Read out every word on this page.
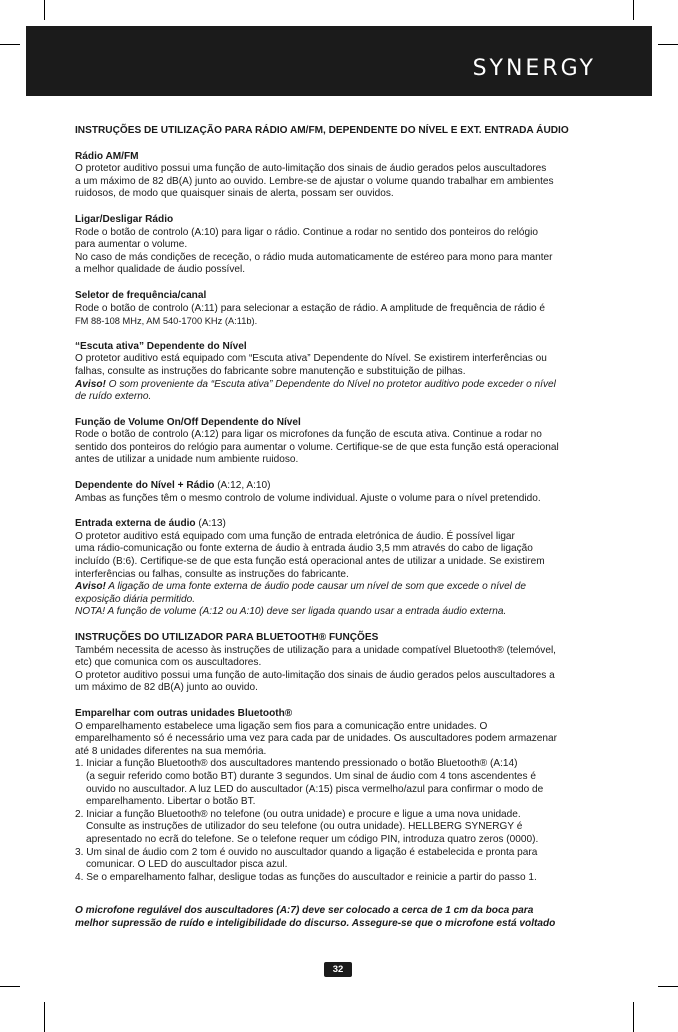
SYNERGY
INSTRUÇÕES DE UTILIZAÇÃO PARA RÁDIO AM/FM, DEPENDENTE DO NÍVEL E EXT. ENTRADA ÁUDIO

Rádio AM/FM
O protetor auditivo possui uma função de auto-limitação dos sinais de áudio gerados pelos auscultadores
a um máximo de 82 dB(A) junto ao ouvido. Lembre-se de ajustar o volume quando trabalhar em ambientes
ruidosos, de modo que quaisquer sinais de alerta, possam ser ouvidos.

Ligar/Desligar Rádio
Rode o botão de controlo (A:10) para ligar o rádio. Continue a rodar no sentido dos ponteiros do relógio
para aumentar o volume.
No caso de más condições de receção, o rádio muda automaticamente de estéreo para mono para manter
a melhor qualidade de áudio possível.

Seletor de frequência/canal
Rode o botão de controlo (A:11) para selecionar a estação de rádio. A amplitude de frequência de rádio é
FM 88-108 MHz, AM 540-1700 KHz (A:11b).

“Escuta ativa” Dependente do Nível
O protetor auditivo está equipado com “Escuta ativa” Dependente do Nível. Se existirem interferências ou
falhas, consulte as instruções do fabricante sobre manutenção e substituição de pilhas.
Aviso! O som proveniente da “Escuta ativa” Dependente do Nível no protetor auditivo pode exceder o nível
de ruído externo.

Função de Volume On/Off Dependente do Nível
Rode o botão de controlo (A:12) para ligar os microfones da função de escuta ativa. Continue a rodar no
sentido dos ponteiros do relógio para aumentar o volume. Certifique-se de que esta função está operacional
antes de utilizar a unidade num ambiente ruidoso.

Dependente do Nível + Rádio (A:12, A:10)
Ambas as funções têm o mesmo controlo de volume individual. Ajuste o volume para o nível pretendido.

Entrada externa de áudio (A:13)
O protetor auditivo está equipado com uma função de entrada eletrónica de áudio. É possível ligar
uma rádio-comunicação ou fonte externa de áudio à entrada áudio 3,5 mm através do cabo de ligação
incluído (B:6). Certifique-se de que esta função está operacional antes de utilizar a unidade. Se existirem
interferências ou falhas, consulte as instruções do fabricante.
Aviso! A ligação de uma fonte externa de áudio pode causar um nível de som que excede o nível de
exposição diária permitido.
NOTA! A função de volume (A:12 ou A:10) deve ser ligada quando usar a entrada áudio externa.

INSTRUÇÕES DO UTILIZADOR PARA BLUETOOTH® FUNÇÕES
Também necessita de acesso às instruções de utilização para a unidade compatível Bluetooth® (telemóvel,
etc) que comunica com os auscultadores.
O protetor auditivo possui uma função de auto-limitação dos sinais de áudio gerados pelos auscultadores a
um máximo de 82 dB(A) junto ao ouvido.

Emparelhar com outras unidades Bluetooth®
O emparelhamento estabelece uma ligação sem fios para a comunicação entre unidades. O
emparelhamento só é necessário uma vez para cada par de unidades. Os auscultadores podem armazenar
até 8 unidades diferentes na sua memória.
1. Iniciar a função Bluetooth® dos auscultadores mantendo pressionado o botão Bluetooth® (A:14)
(a seguir referido como botão BT) durante 3 segundos. Um sinal de áudio com 4 tons ascendentes é
ouvido no auscultador. A luz LED do auscultador (A:15) pisca vermelho/azul para confirmar o modo de
emparelhamento. Libertar o botão BT.
2. Iniciar a função Bluetooth® no telefone (ou outra unidade) e procure e ligue a uma nova unidade.
Consulte as instruções de utilizador do seu telefone (ou outra unidade). HELLBERG SYNERGY é
apresentado no ecrã do telefone. Se o telefone requer um código PIN, introduza quatro zeros (0000).
3. Um sinal de áudio com 2 tom é ouvido no auscultador quando a ligação é estabelecida e pronta para
comunicar. O LED do auscultador pisca azul.
4. Se o emparelhamento falhar, desligue todas as funções do auscultador e reinicie a partir do passo 1.

O microfone regulável dos auscultadores (A:7) deve ser colocado a cerca de 1 cm da boca para
melhor supressão de ruído e inteligibilidade do discurso. Assegure-se que o microfone está voltado

32
